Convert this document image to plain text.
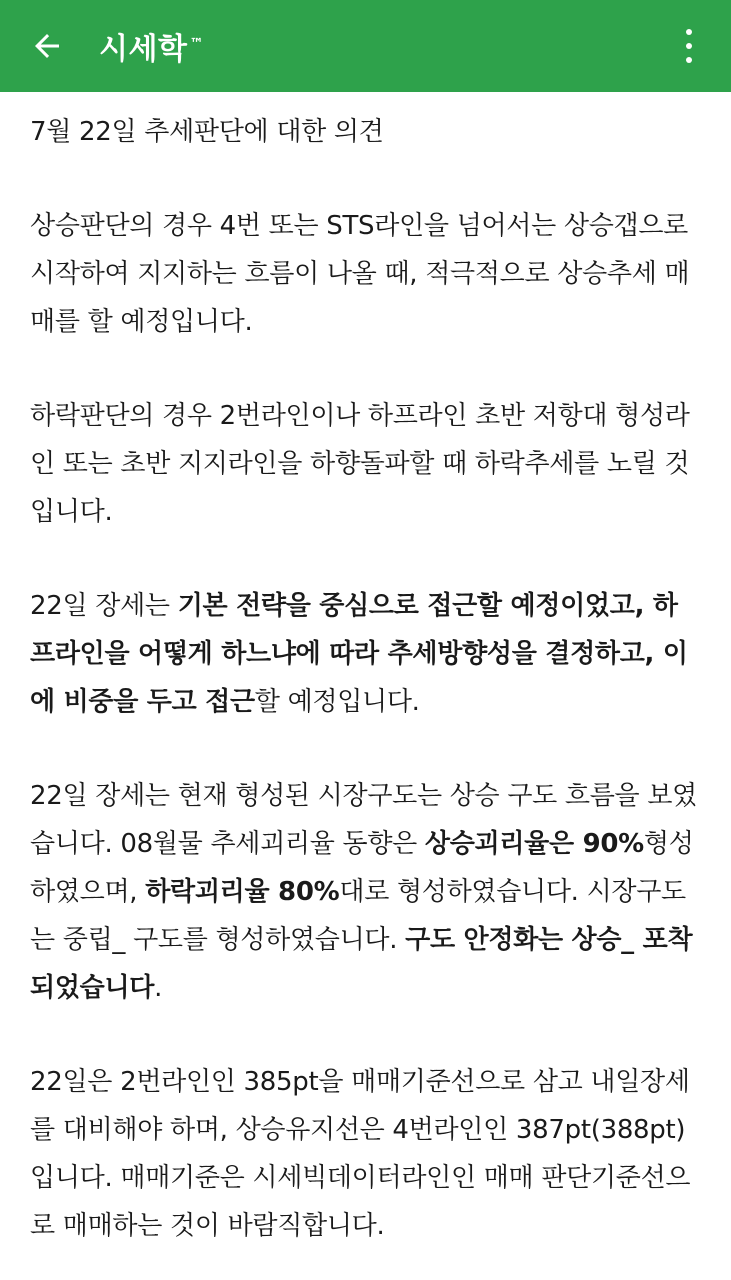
시세학 ™

7월 22일 추세판단에 대한 의견

상승판단의 경우 4번 또는 STS라인을 넘어서는 상승갭으로 시작하여 지지하는 흐름이 나올 때, 적극적으로 상승추세 매매를 할 예정입니다.

하락판단의 경우 2번라인이나 하프라인 초반 저항대 형성라인 또는 초반 지지라인을 하향돌파할 때 하락추세를 노릴 것입니다.

22일 장세는 기본 전략을 중심으로 접근할 예정이었고, 하프라인을 어떻게 하느냐에 따라 추세방향성을 결정하고, 이에 비중을 두고 접근할 예정입니다.

22일 장세는 현재 형성된 시장구도는 상승 구도 흐름을 보였습니다. 08월물 추세괴리율 동향은 상승괴리율은 90%형성하였으며, 하락괴리율 80%대로 형성하였습니다. 시장구도는 중립_ 구도를 형성하였습니다. 구도 안정화는 상승_ 포착되었습니다.

22일은 2번라인인 385pt을 매매기준선으로 삼고 내일장세를 대비해야 하며, 상승유지선은 4번라인인 387pt(388pt)입니다. 매매기준은 시세빅데이터라인인 매매 판단기준선으로 매매하는 것이 바람직합니다.
